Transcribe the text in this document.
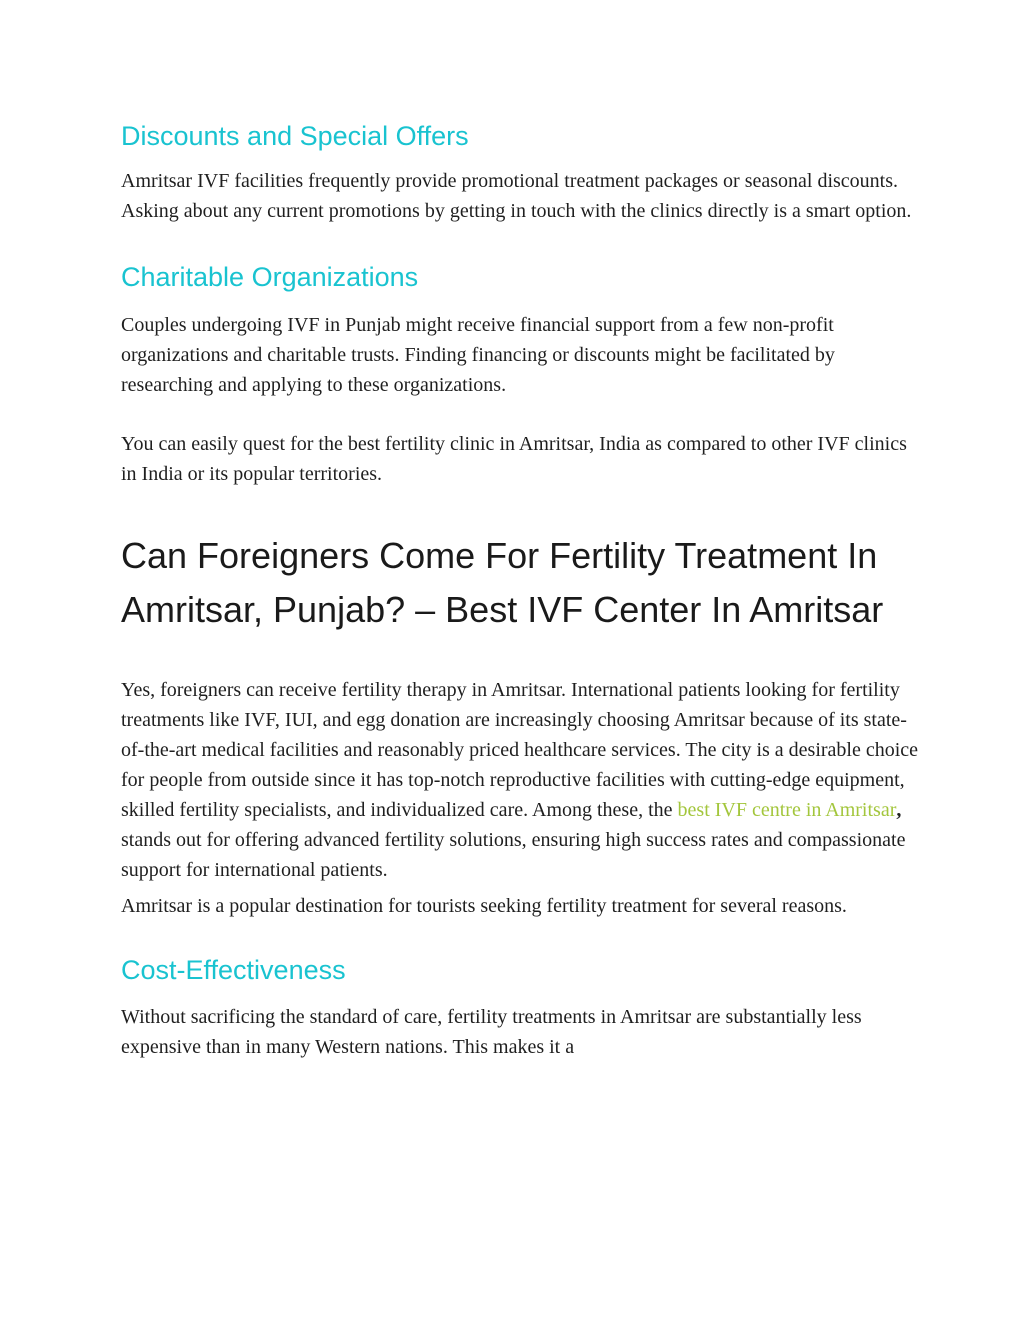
Discounts and Special Offers

Amritsar IVF facilities frequently provide promotional treatment packages or seasonal discounts. Asking about any current promotions by getting in touch with the clinics directly is a smart option.

Charitable Organizations

Couples undergoing IVF in Punjab might receive financial support from a few non-profit organizations and charitable trusts. Finding financing or discounts might be facilitated by researching and applying to these organizations.

You can easily quest for the best fertility clinic in Amritsar, India as compared to other IVF clinics in India or its popular territories.

Can Foreigners Come For Fertility Treatment In Amritsar, Punjab? – Best IVF Center In Amritsar

Yes, foreigners can receive fertility therapy in Amritsar. International patients looking for fertility treatments like IVF, IUI, and egg donation are increasingly choosing Amritsar because of its state-of-the-art medical facilities and reasonably priced healthcare services. The city is a desirable choice for people from outside since it has top-notch reproductive facilities with cutting-edge equipment, skilled fertility specialists, and individualized care. Among these, the best IVF centre in Amritsar, stands out for offering advanced fertility solutions, ensuring high success rates and compassionate support for international patients.

Amritsar is a popular destination for tourists seeking fertility treatment for several reasons.

Cost-Effectiveness

Without sacrificing the standard of care, fertility treatments in Amritsar are substantially less expensive than in many Western nations. This makes it a
